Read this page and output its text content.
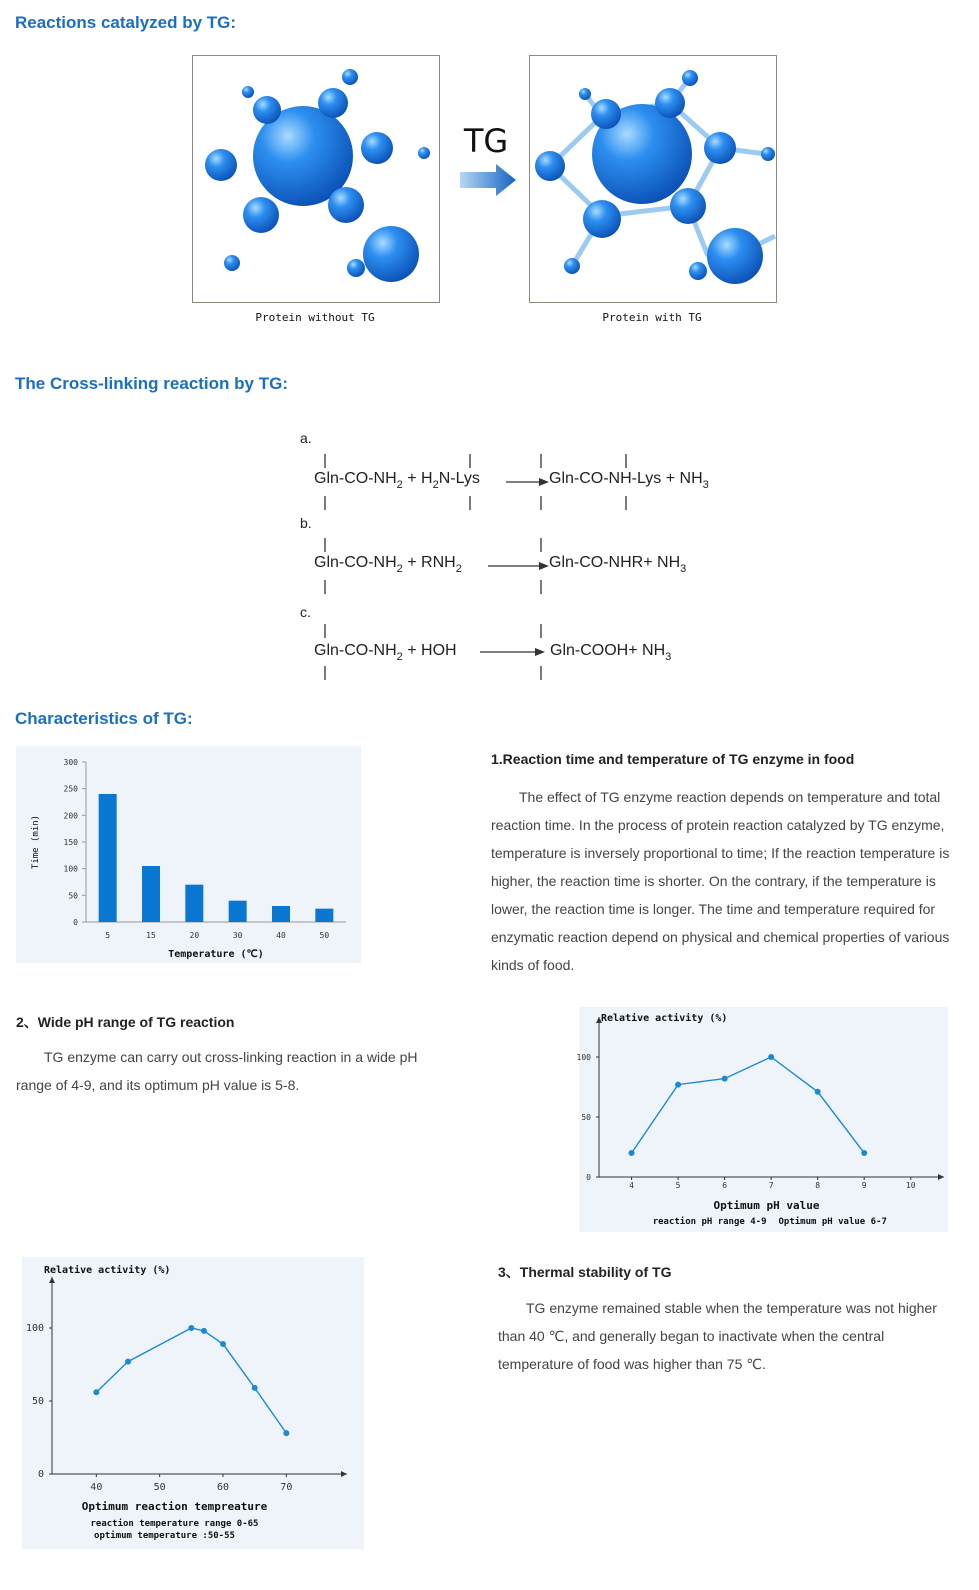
Reactions catalyzed by TG:
Protein without TG
TG
Protein with TG
The Cross-linking reaction by TG:
a.
Gln-$CO-NH_2 + H_2N-Lys$	$Gln-CO-NH-Lys + NH_3$
b.
Gln-$CO-NH_2 + RNH_2$	$Gln-CO-NHR+ NH_3$
c.
Gln-$CO-NH_2$ + HOH	Gln-COOH+ $NH_3$
Characteristics of TG:
0
50
100
150
200
250
300
5	15	20	30	40	50
Temperature (℃)
Time (min)
1.Reaction time and temperature of TG enzyme in food

The effect of TG enzyme reaction depends on temperature and total reaction time. In the process of protein reaction catalyzed by TG enzyme, temperature is inversely proportional to time; If the reaction temperature is higher, the reaction time is shorter. On the contrary, if the temperature is lower, the reaction time is longer. The time and temperature required for enzymatic reaction depend on physical and chemical properties of various kinds of food.

2、Wide pH range of TG reaction

TG enzyme can carry out cross-linking reaction in a wide pH range of 4-9, and its optimum pH value is 5-8.

0
50
100
4	5	6	7	8	9	10
Relative activity (%)
Optimum pH value
reaction pH range 4-9 Optimum pH value 6-7
0
50
100
40	50	60	70
Relative activity (%)
Optimum reaction tempreature
reaction temperature range 0-65
optimum temperature :50-55
3、Thermal stability of TG

TG enzyme remained stable when the temperature was not higher than 40 ℃, and generally began to inactivate when the central temperature of food was higher than 75 ℃.
